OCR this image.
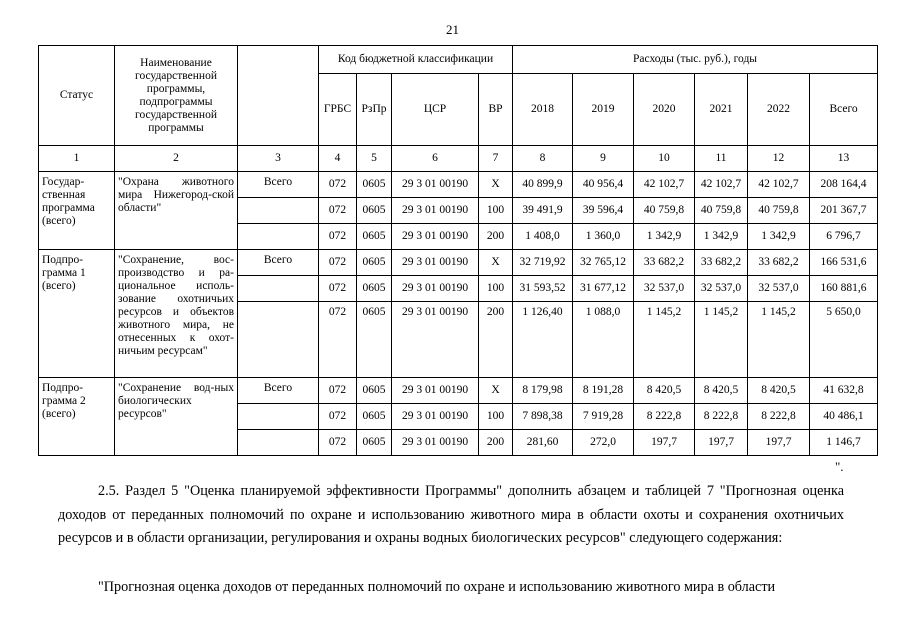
21
Статус	Наименование государственной программы, подпрограммы государственной программы		Код бюджетной классификации				Расходы (тыс. руб.), годы					
			ГРБС	РзПр	ЦСР	ВР	2018	2019	2020	2021	2022	Всего
1	2	3	4	5	6	7	8	9	10	11	12	13
Государ-ственная программа (всего)	"Охрана животного мира Нижегород-ской области"	Всего	072	0605	29 3 01 00190	X	40 899,9	40 956,4	42 102,7	42 102,7	42 102,7	208 164,4
			072	0605	29 3 01 00190	100	39 491,9	39 596,4	40 759,8	40 759,8	40 759,8	201 367,7
			072	0605	29 3 01 00190	200	1 408,0	1 360,0	1 342,9	1 342,9	1 342,9	6 796,7
Подпро-грамма 1 (всего)	"Сохранение, вос-производство и ра-циональное исполь-зование охотничьих ресурсов и объектов животного мира, не отнесенных к охот-ничьим ресурсам"	Всего	072	0605	29 3 01 00190	X	32 719,92	32 765,12	33 682,2	33 682,2	33 682,2	166 531,6
			072	0605	29 3 01 00190	100	31 593,52	31 677,12	32 537,0	32 537,0	32 537,0	160 881,6
			072	0605	29 3 01 00190	200	1 126,40	1 088,0	1 145,2	1 145,2	1 145,2	5 650,0
Подпро-грамма 2 (всего)	"Сохранение вод-ных биологических ресурсов"	Всего	072	0605	29 3 01 00190	X	8 179,98	8 191,28	8 420,5	8 420,5	8 420,5	41 632,8
			072	0605	29 3 01 00190	100	7 898,38	7 919,28	8 222,8	8 222,8	8 222,8	40 486,1
			072	0605	29 3 01 00190	200	281,60	272,0	197,7	197,7	197,7	1 146,7
".
2.5. Раздел 5 "Оценка планируемой эффективности Программы" дополнить абзацем и таблицей 7 "Прогнозная оценка доходов от переданных полномочий по охране и использованию животного мира в области охоты и сохранения охотничьих ресурсов и в области организации, регулирования и охраны водных биологических ресурсов" следующего содержания:
"Прогнозная оценка доходов от переданных полномочий по охране и использованию животного мира в области
